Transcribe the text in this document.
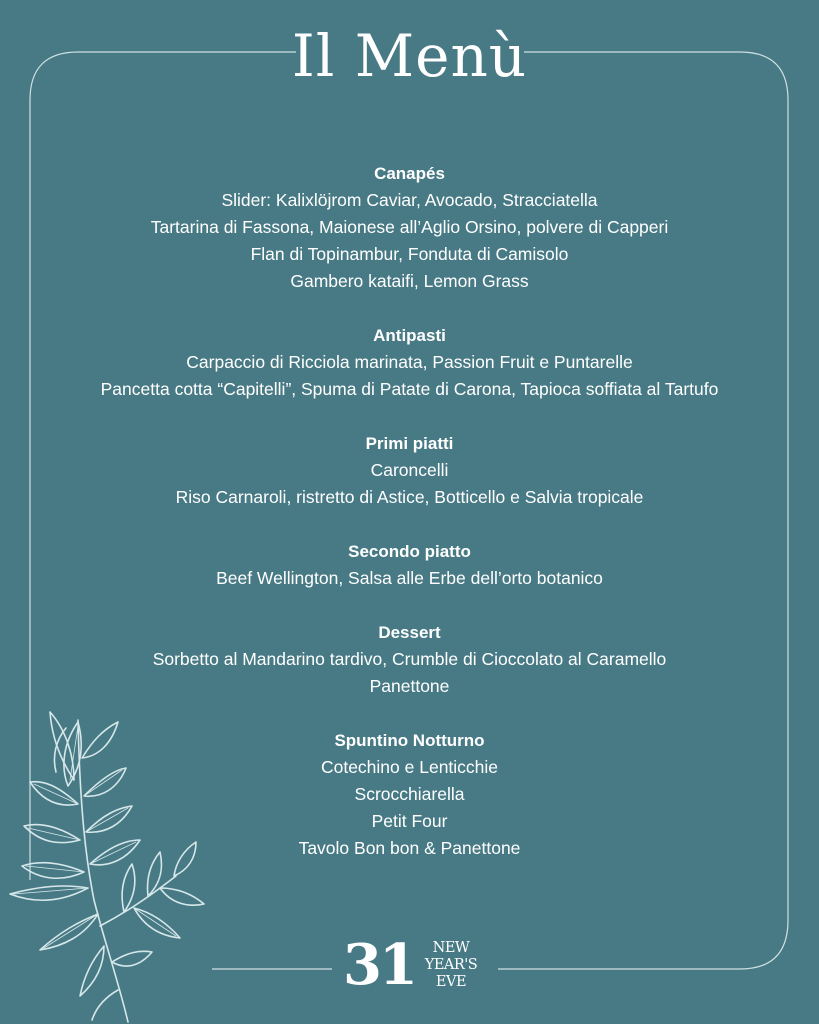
Il Menù
Canapés
Slider: Kalixlöjrom Caviar, Avocado, Stracciatella
Tartarina di Fassona, Maionese all’Aglio Orsino, polvere di Capperi
Flan di Topinambur, Fonduta di Camisolo
Gambero kataifi, Lemon Grass
Antipasti
Carpaccio di Ricciola marinata, Passion Fruit e Puntarelle
Pancetta cotta “Capitelli”, Spuma di Patate di Carona, Tapioca soffiata al Tartufo
Primi piatti
Caroncelli
Riso Carnaroli, ristretto di Astice, Botticello e Salvia tropicale
Secondo piatto
Beef Wellington, Salsa alle Erbe dell’orto botanico
Dessert
Sorbetto al Mandarino tardivo, Crumble di Cioccolato al Caramello
Panettone
Spuntino Notturno
Cotechino e Lenticchie
Scrocchiarella
Petit Four
Tavolo Bon bon & Panettone
31	NEW
YEAR'S
EVE
